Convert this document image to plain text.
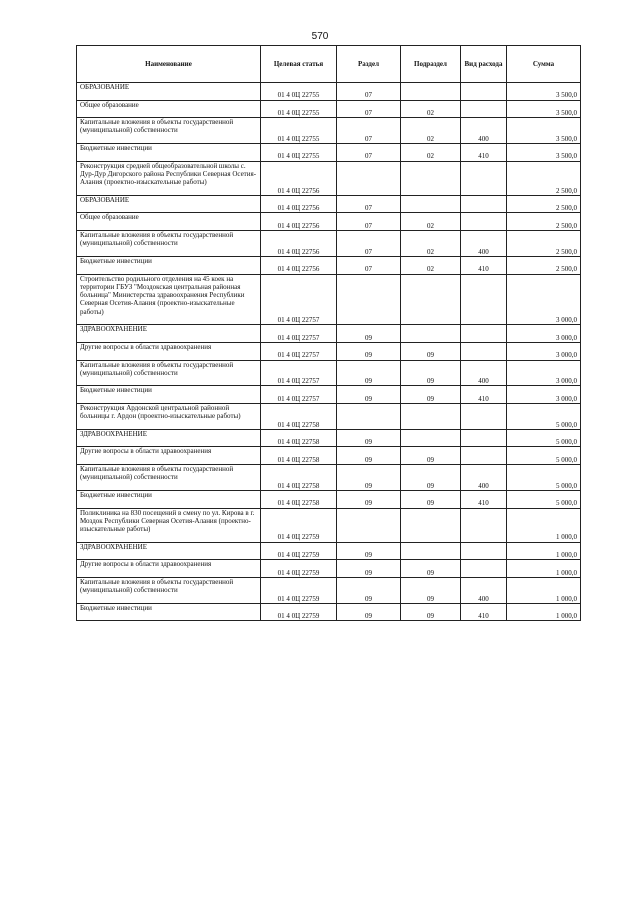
570
Наименование	Целевая статья	Раздел	Подраздел	Вид расхода	Сумма
ОБРАЗОВАНИЕ	01 4 0Ц 22755	07			3 500,0
Общее образование	01 4 0Ц 22755	07	02		3 500,0
Капитальные вложения в объекты государственной (муниципальной) собственности	01 4 0Ц 22755	07	02	400	3 500,0
Бюджетные инвестиции	01 4 0Ц 22755	07	02	410	3 500,0
Реконструкция средней общеобразовательной школы с. Дур-Дур Дигорского района Республики Северная Осетия-Алания (проектно-изыскательные работы)	01 4 0Ц 22756				2 500,0
ОБРАЗОВАНИЕ	01 4 0Ц 22756	07			2 500,0
Общее образование	01 4 0Ц 22756	07	02		2 500,0
Капитальные вложения в объекты государственной (муниципальной) собственности	01 4 0Ц 22756	07	02	400	2 500,0
Бюджетные инвестиции	01 4 0Ц 22756	07	02	410	2 500,0
Строительство родильного отделения на 45 коек на территории ГБУЗ "Моздокская центральная районная больница" Министерства здравоохранения Республики Северная Осетия-Алания (проектно-изыскательные работы)	01 4 0Ц 22757				3 000,0
ЗДРАВООХРАНЕНИЕ	01 4 0Ц 22757	09			3 000,0
Другие вопросы в области здравоохранения	01 4 0Ц 22757	09	09		3 000,0
Капитальные вложения в объекты государственной (муниципальной) собственности	01 4 0Ц 22757	09	09	400	3 000,0
Бюджетные инвестиции	01 4 0Ц 22757	09	09	410	3 000,0
Реконструкция Ардонской центральной районной больницы г. Ардон (проектно-изыскательные работы)	01 4 0Ц 22758				5 000,0
ЗДРАВООХРАНЕНИЕ	01 4 0Ц 22758	09			5 000,0
Другие вопросы в области здравоохранения	01 4 0Ц 22758	09	09		5 000,0
Капитальные вложения в объекты государственной (муниципальной) собственности	01 4 0Ц 22758	09	09	400	5 000,0
Бюджетные инвестиции	01 4 0Ц 22758	09	09	410	5 000,0
Поликлиника на 830 посещений в смену по ул. Кирова в г. Моздок Республики Северная Осетия-Алания (проектно-изыскательные работы)	01 4 0Ц 22759				1 000,0
ЗДРАВООХРАНЕНИЕ	01 4 0Ц 22759	09			1 000,0
Другие вопросы в области здравоохранения	01 4 0Ц 22759	09	09		1 000,0
Капитальные вложения в объекты государственной (муниципальной) собственности	01 4 0Ц 22759	09	09	400	1 000,0
Бюджетные инвестиции	01 4 0Ц 22759	09	09	410	1 000,0
